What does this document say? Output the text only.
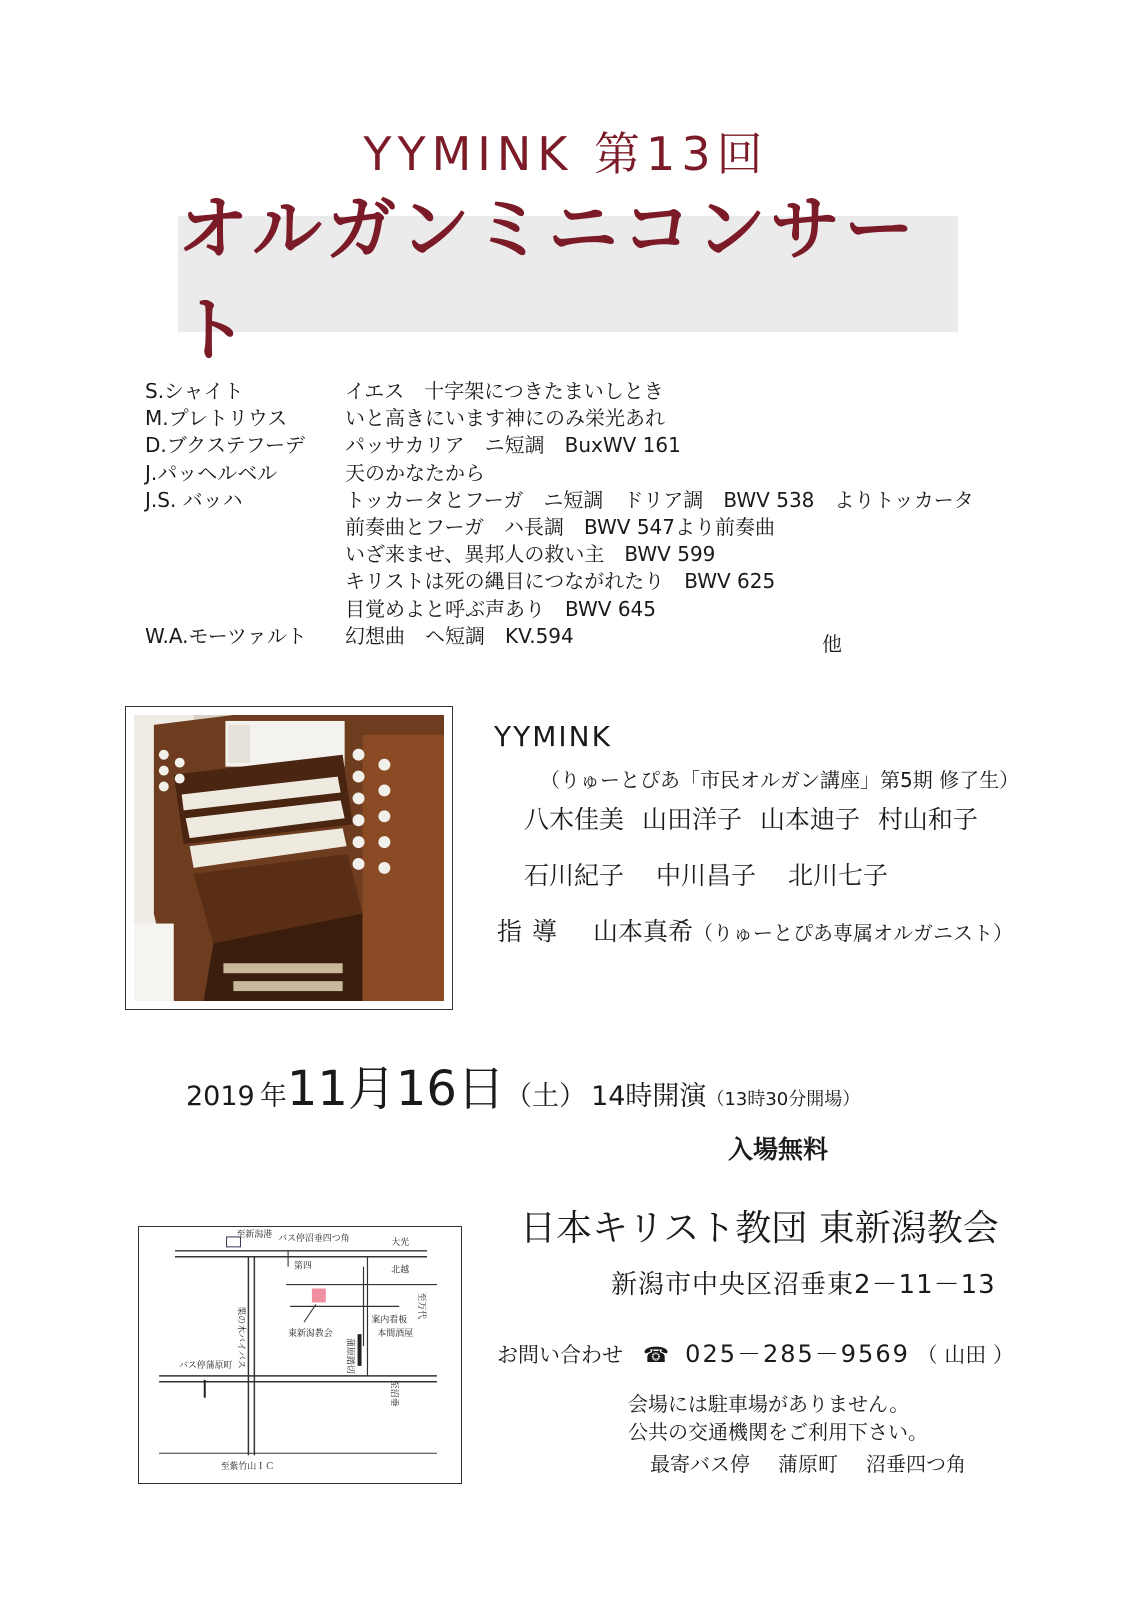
YYMINK 第13回
オルガンミニコンサート
S.シャイト	イエス　十字架につきたまいしとき
M.プレトリウス	いと高きにいます神にのみ栄光あれ
D.ブクステフーデ	パッサカリア　ニ短調　BuxWV 161
J.パッヘルベル	天のかなたから
J.S. バッハ	トッカータとフーガ　ニ短調　ドリア調　BWV 538　よりトッカータ
前奏曲とフーガ　ハ長調　BWV 547より前奏曲
いざ来ませ、異邦人の救い主　BWV 599
キリストは死の縄目につながれたり　BWV 625
目覚めよと呼ぶ声あり　BWV 645
W.A.モーツァルト	幻想曲　ヘ短調　KV.594	他
YYMINK
（りゅーとぴあ「市民オルガン講座」第5期 修了生）
八木佳美 山田洋子 山本迪子 村山和子
石川紀子 中川昌子 北川七子
指導 山本真希（りゅーとぴあ専属オルガニスト）
2019 年11月16日（土） 14時開演（13時30分開場）
入場無料
至新潟港 バス停沼垂四つ角	大光
第四	北越
案内看板
本間酒屋
東新潟教会
栗の木バイパス
バス停蒲原町
至紫竹山ＩＣ
至万代
蒲原踏切
至沼垂
日本キリスト教団 東新潟教会
新潟市中央区沼垂東2－11－13
お問い合わせ ☎ 025－285－9569 （ 山田 ）
会場には駐車場がありません。
公共の交通機関をご利用下さい。
最寄バス停 蒲原町 沼垂四つ角
